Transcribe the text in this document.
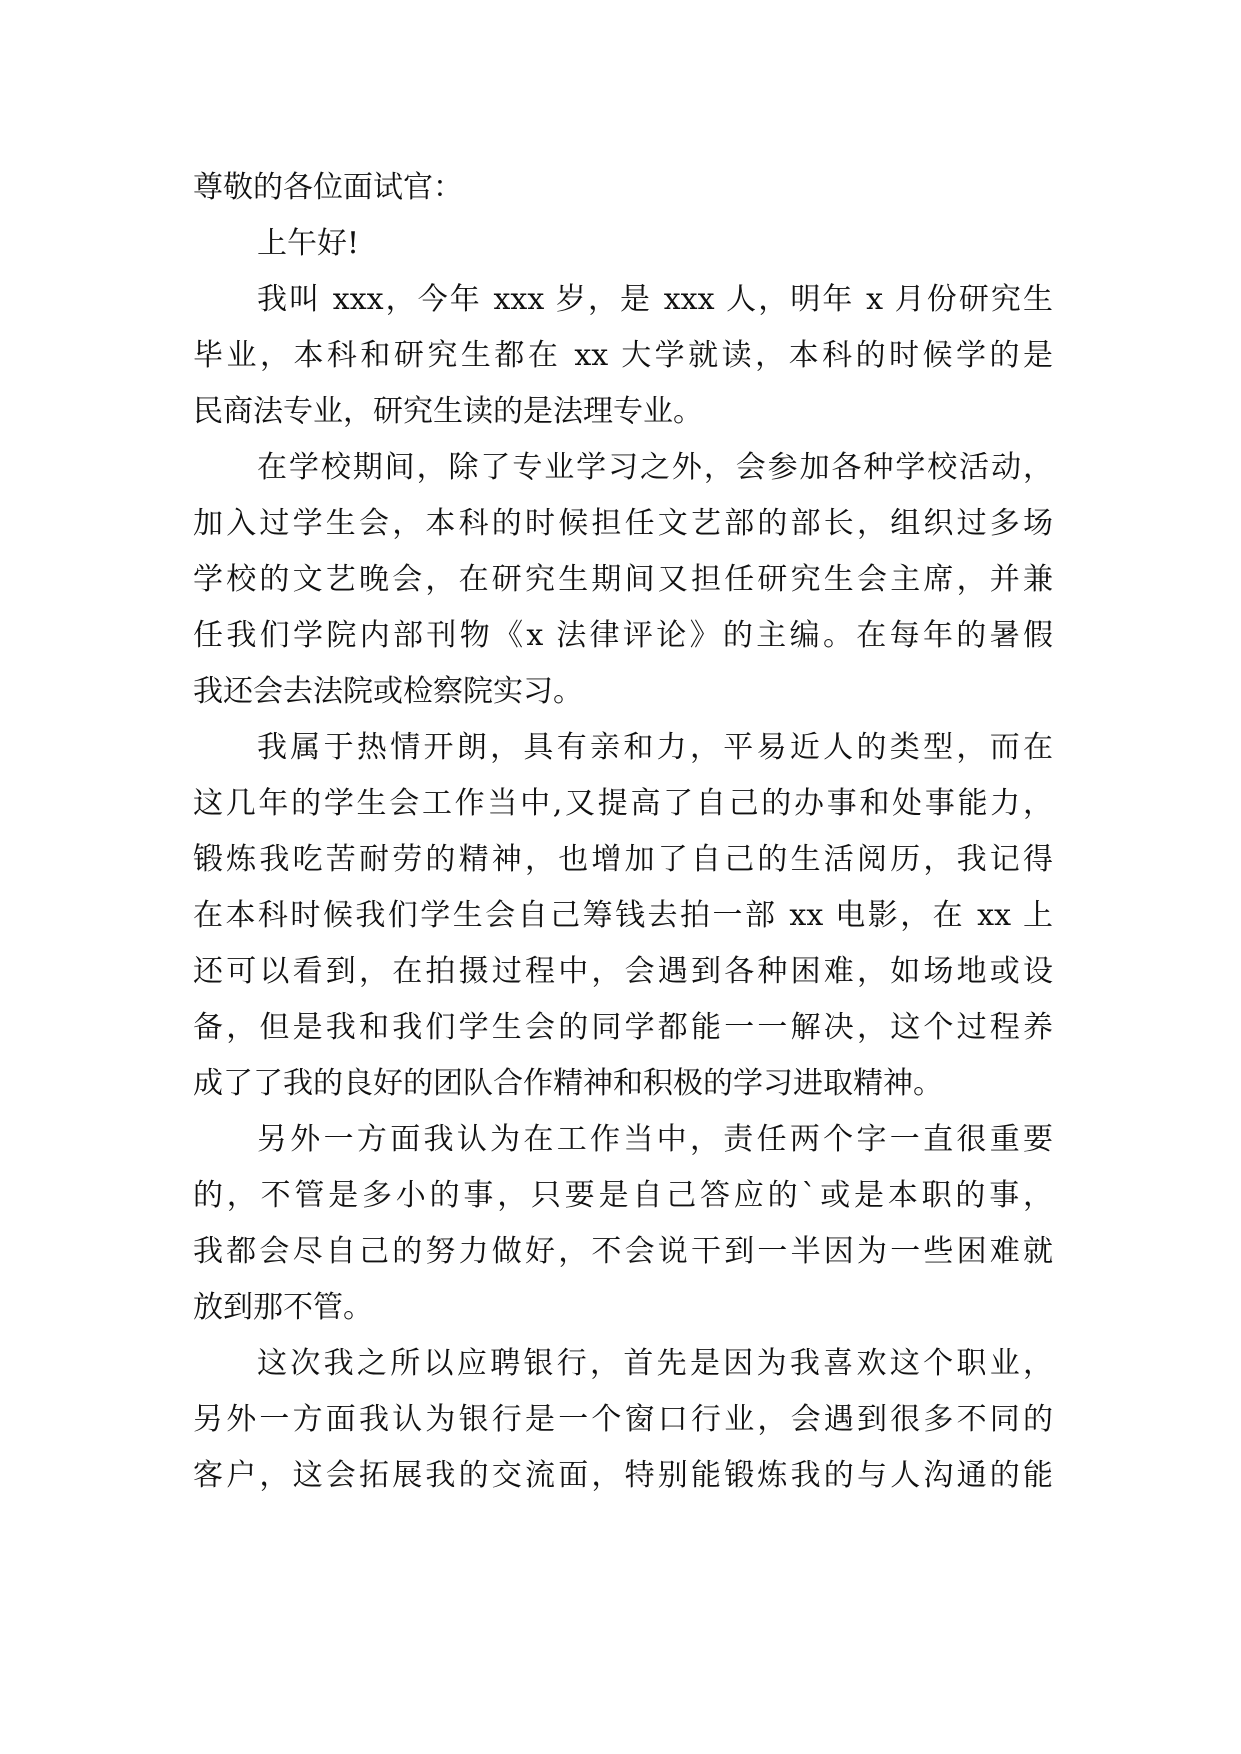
尊敬的各位面试官：
上午好!
我叫 xxx，今年 xxx 岁，是 xxx 人，明年 x 月份研究生
毕业，本科和研究生都在 xx 大学就读，本科的时候学的是
民商法专业，研究生读的是法理专业。
在学校期间，除了专业学习之外，会参加各种学校活动，
加入过学生会，本科的时候担任文艺部的部长，组织过多场
学校的文艺晚会，在研究生期间又担任研究生会主席，并兼
任我们学院内部刊物《x 法律评论》的主编。在每年的暑假
我还会去法院或检察院实习。
我属于热情开朗，具有亲和力，平易近人的类型，而在
这几年的学生会工作当中,又提高了自己的办事和处事能力，
锻炼我吃苦耐劳的精神，也增加了自己的生活阅历，我记得
在本科时候我们学生会自己筹钱去拍一部 xx 电影，在 xx 上
还可以看到，在拍摄过程中，会遇到各种困难，如场地或设
备，但是我和我们学生会的同学都能一一解决，这个过程养
成了了我的良好的团队合作精神和积极的学习进取精神。
另外一方面我认为在工作当中，责任两个字一直很重要
的，不管是多小的事，只要是自己答应的`或是本职的事，
我都会尽自己的努力做好，不会说干到一半因为一些困难就
放到那不管。
这次我之所以应聘银行，首先是因为我喜欢这个职业，
另外一方面我认为银行是一个窗口行业，会遇到很多不同的
客户，这会拓展我的交流面，特别能锻炼我的与人沟通的能
